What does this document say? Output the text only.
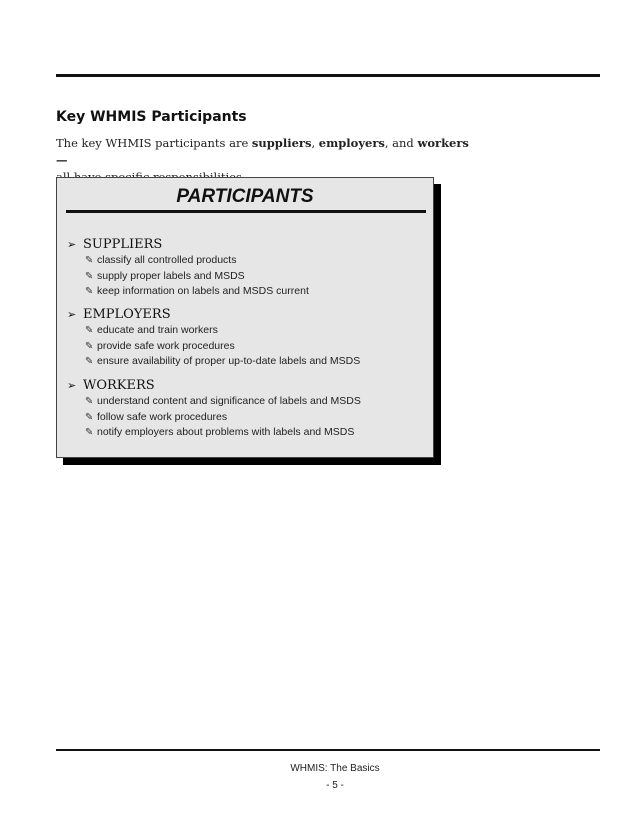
Key WHMIS Participants
The key WHMIS participants are suppliers, employers, and workers—

PARTICIPANTS
➢ SUPPLIERS
✎ classify all controlled products
✎ supply proper labels and MSDS
✎ keep information on labels and MSDS current
➢ EMPLOYERS
✎ educate and train workers
✎ provide safe work procedures
✎ ensure availability of proper up-to-date labels and MSDS
➢ WORKERS
✎ understand content and significance of labels and MSDS
✎ follow safe work procedures
✎ notify employers about problems with labels and MSDS
WHMIS: The Basics
- 5 -
